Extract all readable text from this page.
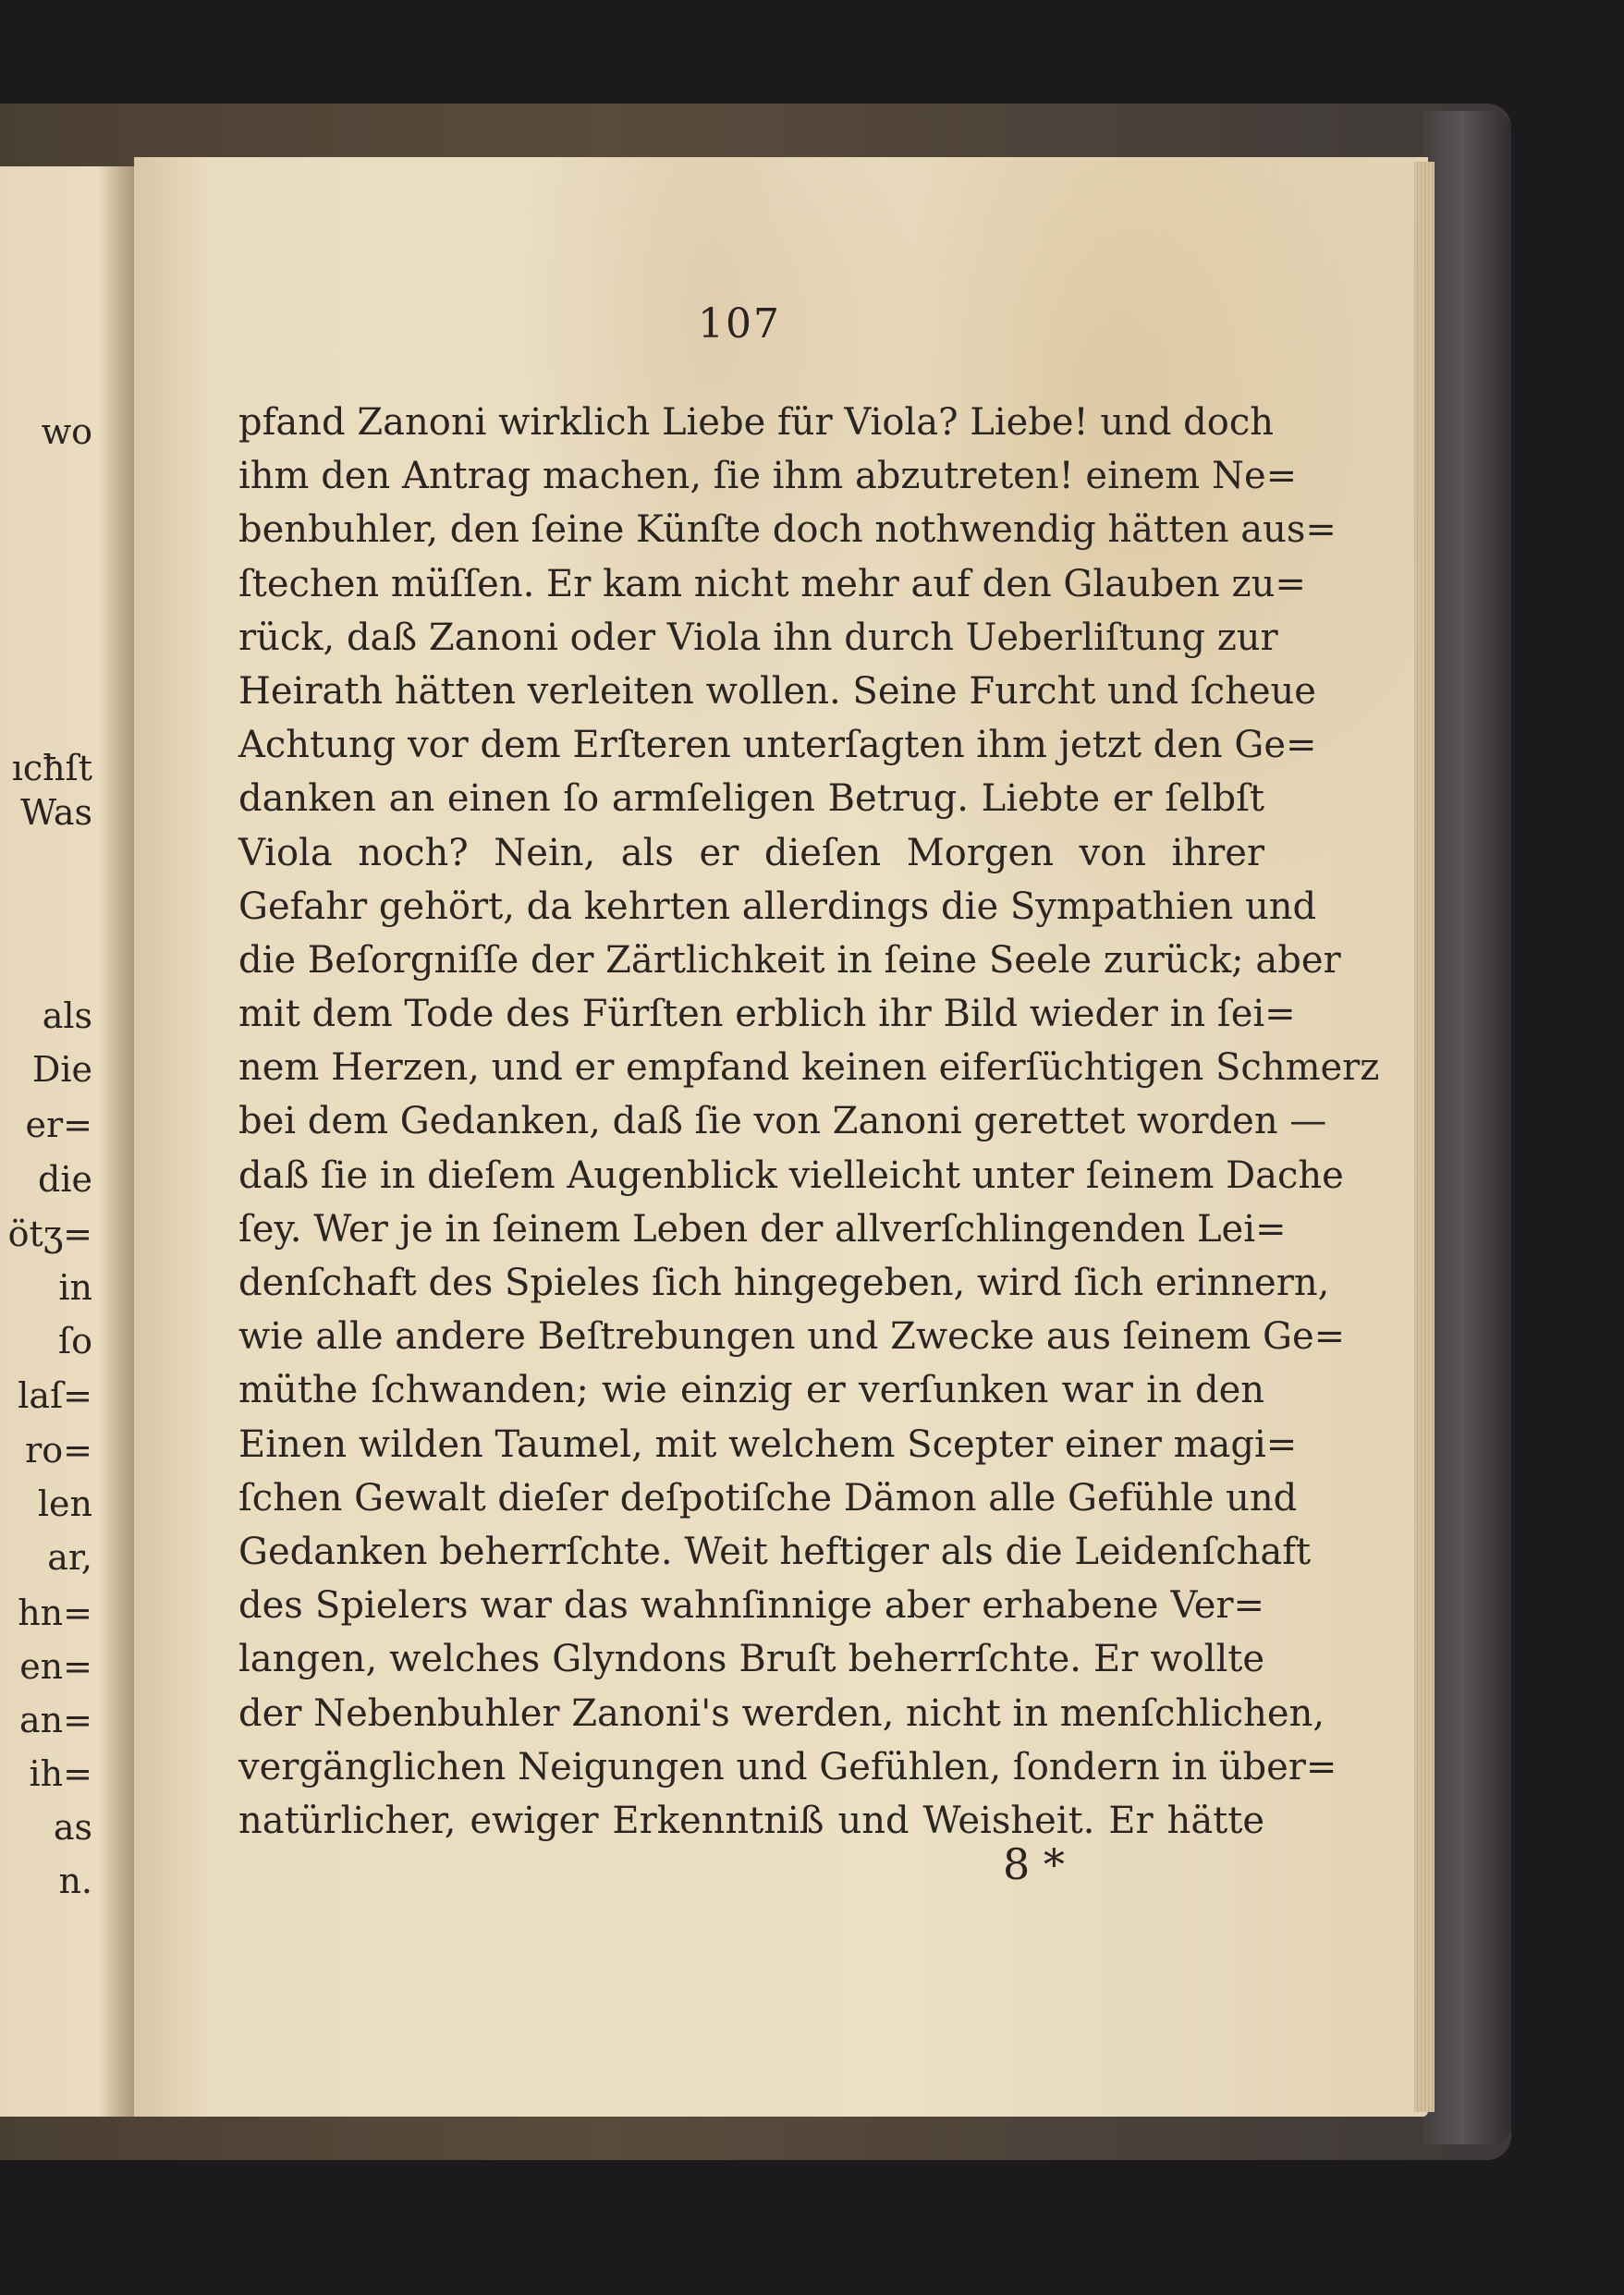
wo
ıcħſt
Was
als
Die
er=
die
ötʒ=
in
ſo
laſ=
ro=
len
ar,
hn=
en=
an=
ih=
as
n.
107
pfand Zanoni wirklich Liebe für Viola? Liebe! und doch
ihm den Antrag machen, ſie ihm abzutreten! einem Ne=
benbuhler, den ſeine Künſte doch nothwendig hätten aus=
ſtechen müſſen. Er kam nicht mehr auf den Glauben zu=
rück, daß Zanoni oder Viola ihn durch Ueberliſtung zur
Heirath hätten verleiten wollen. Seine Furcht und ſcheue
Achtung vor dem Erſteren unterſagten ihm jetzt den Ge=
danken an einen ſo armſeligen Betrug. Liebte er ſelbſt
Viola noch? Nein, als er dieſen Morgen von ihrer
Gefahr gehört, da kehrten allerdings die Sympathien und
die Beſorgniſſe der Zärtlichkeit in ſeine Seele zurück; aber
mit dem Tode des Fürſten erblich ihr Bild wieder in ſei=
nem Herzen, und er empfand keinen eiferſüchtigen Schmerz
bei dem Gedanken, daß ſie von Zanoni gerettet worden —
daß ſie in dieſem Augenblick vielleicht unter ſeinem Dache
ſey. Wer je in ſeinem Leben der allverſchlingenden Lei=
denſchaft des Spieles ſich hingegeben, wird ſich erinnern,
wie alle andere Beſtrebungen und Zwecke aus ſeinem Ge=
müthe ſchwanden; wie einzig er verſunken war in den
Einen wilden Taumel, mit welchem Scepter einer magi=
ſchen Gewalt dieſer deſpotiſche Dämon alle Gefühle und
Gedanken beherrſchte. Weit heftiger als die Leidenſchaft
des Spielers war das wahnſinnige aber erhabene Ver=
langen, welches Glyndons Bruſt beherrſchte. Er wollte
der Nebenbuhler Zanoni's werden, nicht in menſchlichen,
vergänglichen Neigungen und Gefühlen, ſondern in über=
natürlicher, ewiger Erkenntniß und Weisheit. Er hätte
8 *
